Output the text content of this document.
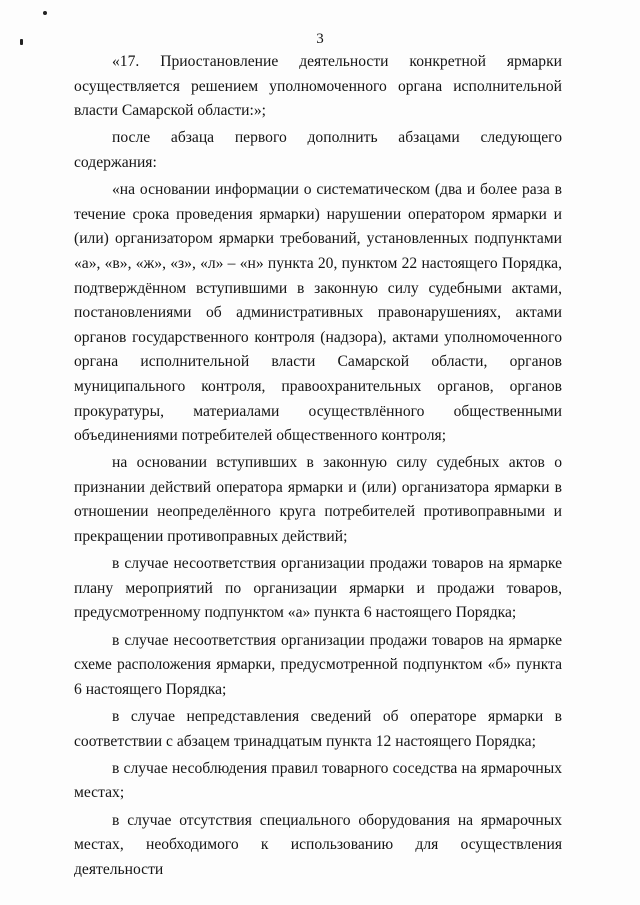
3

«17. Приостановление деятельности конкретной ярмарки осуществляется решением уполномоченного органа исполнительной власти Самарской области:»;

после абзаца первого дополнить абзацами следующего содержания:

«на основании информации о систематическом (два и более раза в течение срока проведения ярмарки) нарушении оператором ярмарки и (или) организатором ярмарки требований, установленных подпунктами «а», «в», «ж», «з», «л» – «н» пункта 20, пунктом 22 настоящего Порядка, подтверждённом вступившими в законную силу судебными актами, постановлениями об административных правонарушениях, актами органов государственного контроля (надзора), актами уполномоченного органа исполнительной власти Самарской области, органов муниципального контроля, правоохранительных органов, органов прокуратуры, материалами осуществлённого общественными объединениями потребителей общественного контроля;

на основании вступивших в законную силу судебных актов о признании действий оператора ярмарки и (или) организатора ярмарки в отношении неопределённого круга потребителей противоправными и прекращении противоправных действий;

в случае несоответствия организации продажи товаров на ярмарке плану мероприятий по организации ярмарки и продажи товаров, предусмотренному подпунктом «а» пункта 6 настоящего Порядка;

в случае несоответствия организации продажи товаров на ярмарке схеме расположения ярмарки, предусмотренной подпунктом «б» пункта 6 настоящего Порядка;

в случае непредставления сведений об операторе ярмарки в соответствии с абзацем тринадцатым пункта 12 настоящего Порядка;

в случае несоблюдения правил товарного соседства на ярмарочных местах;

в случае отсутствия специального оборудования на ярмарочных местах, необходимого к использованию для осуществления деятельности
